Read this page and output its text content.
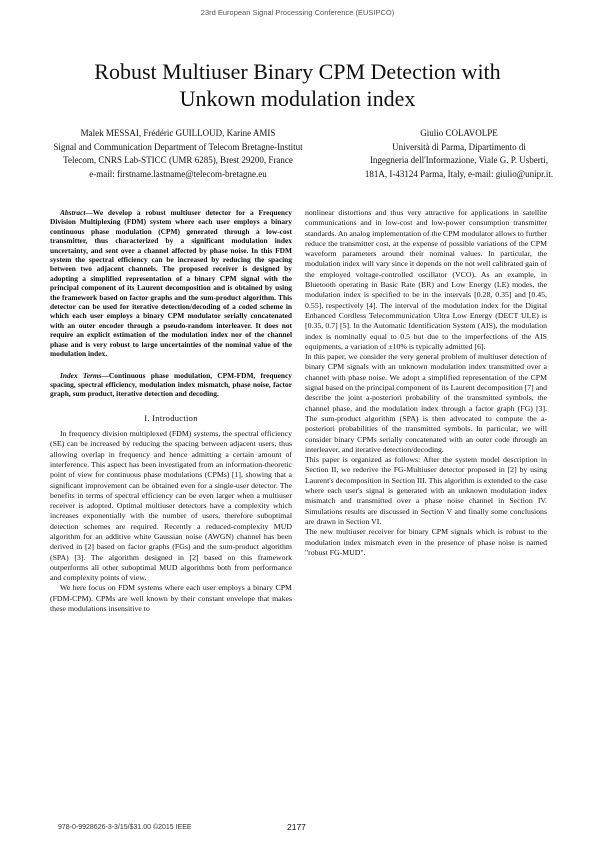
23rd European Signal Processing Conference (EUSIPCO)
Robust Multiuser Binary CPM Detection with
Unkown modulation index
Malek MESSAI, Frédéric GUILLOUD, Karine AMIS
Signal and Communication Department of Telecom Bretagne-Institut
Telecom, CNRS Lab-STICC (UMR 6285), Brest 29200, France
e-mail: firstname.lastname@telecom-bretagne.eu
Giulio COLAVOLPE
Università di Parma, Dipartimento di
Ingegneria dell'Informazione, Viale G. P. Usberti,
181A, I-43124 Parma, Italy, e-mail: giulio@unipr.it.

Abstract—We develop a robust multiuser detector for a Frequency Division Multiplexing (FDM) system where each user employs a binary continuous phase modulation (CPM) generated through a low-cost transmitter, thus characterized by a significant modulation index uncertainty, and sent over a channel affected by phase noise. In this FDM system the spectral efficiency can be increased by reducing the spacing between two adjacent channels. The proposed receiver is designed by adopting a simplified representation of a binary CPM signal with the principal component of its Laurent decomposition and is obtained by using the framework based on factor graphs and the sum-product algorithm. This detector can be used for iterative detection/decoding of a coded scheme in which each user employs a binary CPM modulator serially concatenated with an outer encoder through a pseudo-random interleaver. It does not require an explicit estimation of the modulation index nor of the channel phase and is very robust to large uncertainties of the nominal value of the modulation index.

Index Terms—Continuous phase modulation, CPM-FDM, frequency spacing, spectral efficiency, modulation index mismatch, phase noise, factor graph, sum product, iterative detection and decoding.

I. Introduction

In frequency division multiplexed (FDM) systems, the spectral efficiency (SE) can be increased by reducing the spacing between adjacent users, thus allowing overlap in frequency and hence admitting a certain amount of interference. This aspect has been investigated from an information-theoretic point of view for continuous phase modulations (CPMs) [1], showing that a significant improvement can be obtained even for a single-user detector. The benefits in terms of spectral efficiency can be even larger when a multiuser receiver is adopted. Optimal multiuser detectors have a complexity which increases exponentially with the number of users, therefore suboptimal detection schemes are required. Recently a reduced-complexity MUD algorithm for an additive white Gaussian noise (AWGN) channel has been derived in [2] based on factor graphs (FGs) and the sum-product algorithm (SPA) [3]. The algorithm designed in [2] based on this framework outperforms all other suboptimal MUD algorithms both from performance and complexity points of view.

We here focus on FDM systems where each user employs a binary CPM (FDM-CPM). CPMs are well known by their constant envelope that makes these modulations insensitive to

nonlinear distortions and thus very attractive for applications in satellite communications and in low-cost and low-power consumption transmitter standards. An analog implementation of the CPM modulator allows to further reduce the transmitter cost, at the expense of possible variations of the CPM waveform parameters around their nominal values. In particular, the modulation index will vary since it depends on the not well calibrated gain of the employed voltage-controlled oscillator (VCO). As an example, in Bluetooth operating in Basic Rate (BR) and Low Energy (LE) modes, the modulation index is specified to be in the intervals [0.28, 0.35] and [0.45, 0.55], respectively [4]. The interval of the modulation index for the Digital Enhanced Cordless Telecommunication Ultra Low Energy (DECT ULE) is [0.35, 0.7] [5]. In the Automatic Identification System (AIS), the modulation index is nominally equal to 0.5 but due to the imperfections of the AIS equipments, a variation of ±10% is typically admitted [6].

In this paper, we consider the very general problem of multiuser detection of binary CPM signals with an unknown modulation index transmitted over a channel with phase noise. We adopt a simplified representation of the CPM signal based on the principal component of its Laurent decomposition [7] and describe the joint a-posteriori probability of the transmitted symbols, the channel phase, and the modulation index through a factor graph (FG) [3]. The sum-product algorithm (SPA) is then advocated to compute the a-posteriori probabilities of the transmitted symbols. In particular, we will consider binary CPMs serially concatenated with an outer code through an interleaver, and iterative detection/decoding.

This paper is organized as follows: After the system model description in Section II, we rederive the FG-Multiuser detector proposed in [2] by using Laurent's decomposition in Section III. This algorithm is extended to the case where each user's signal is generated with an unknown modulation index mismatch and transmitted over a phase noise channel in Section IV. Simulations results are discussed in Section V and finally some conclusions are drawn in Section VI.

The new multiuser receiver for binary CPM signals which is robust to the modulation index mismatch even in the presence of phase noise is named "robust FG-MUD".

978-0-9928626-3-3/15/$31.00 ©2015 IEEE	2177
